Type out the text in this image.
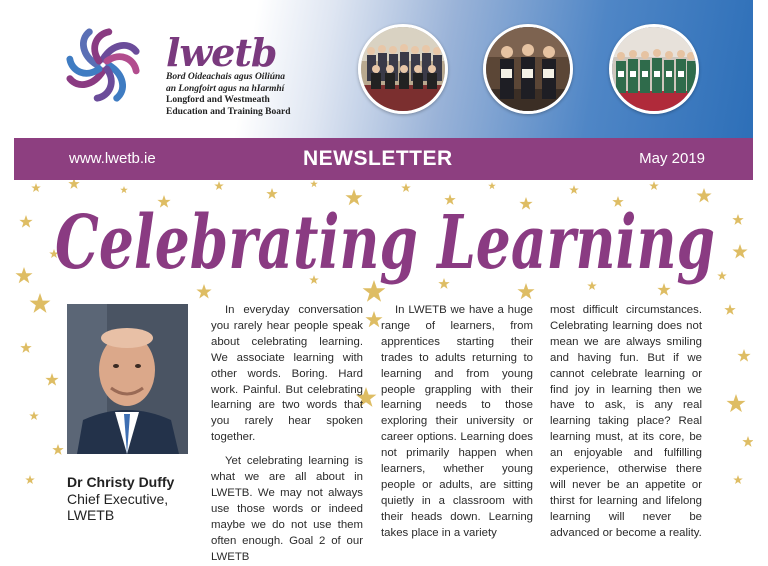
lwetb
Bord Oideachais agus Oiliúna
an Longfoirt agus na hIarmhí
Longford and Westmeath
Education and Training Board
www.lwetb.ie	NEWSLETTER	May 2019
Celebrating Learning
Dr Christy Duffy
Chief Executive,
LWETB

In everyday conversation you rarely hear people speak about celebrating learning. We associate learning with other words. Boring. Hard work. Painful. But celebrating learning are two words that you rarely hear spoken together.

Yet celebrating learning is what we are all about in LWETB. We may not always use those words or indeed maybe we do not use them often enough. Goal 2 of our LWETB

In LWETB we have a huge range of learners, from apprentices starting their trades to adults returning to learning and from young people grappling with their learning needs to those exploring their university or career options. Learning does not primarily happen when learners, whether young people or adults, are sitting quietly in a classroom with their heads down. Learning takes place in a variety

most difficult circumstances. Celebrating learning does not mean we are always smiling and having fun. But if we cannot celebrate learning or find joy in learning then we have to ask, is any real learning taking place? Real learning must, at its core, be an enjoyable and fulfilling experience, otherwise there will never be an appetite or thirst for learning and lifelong learning will never be advanced or become a reality.
